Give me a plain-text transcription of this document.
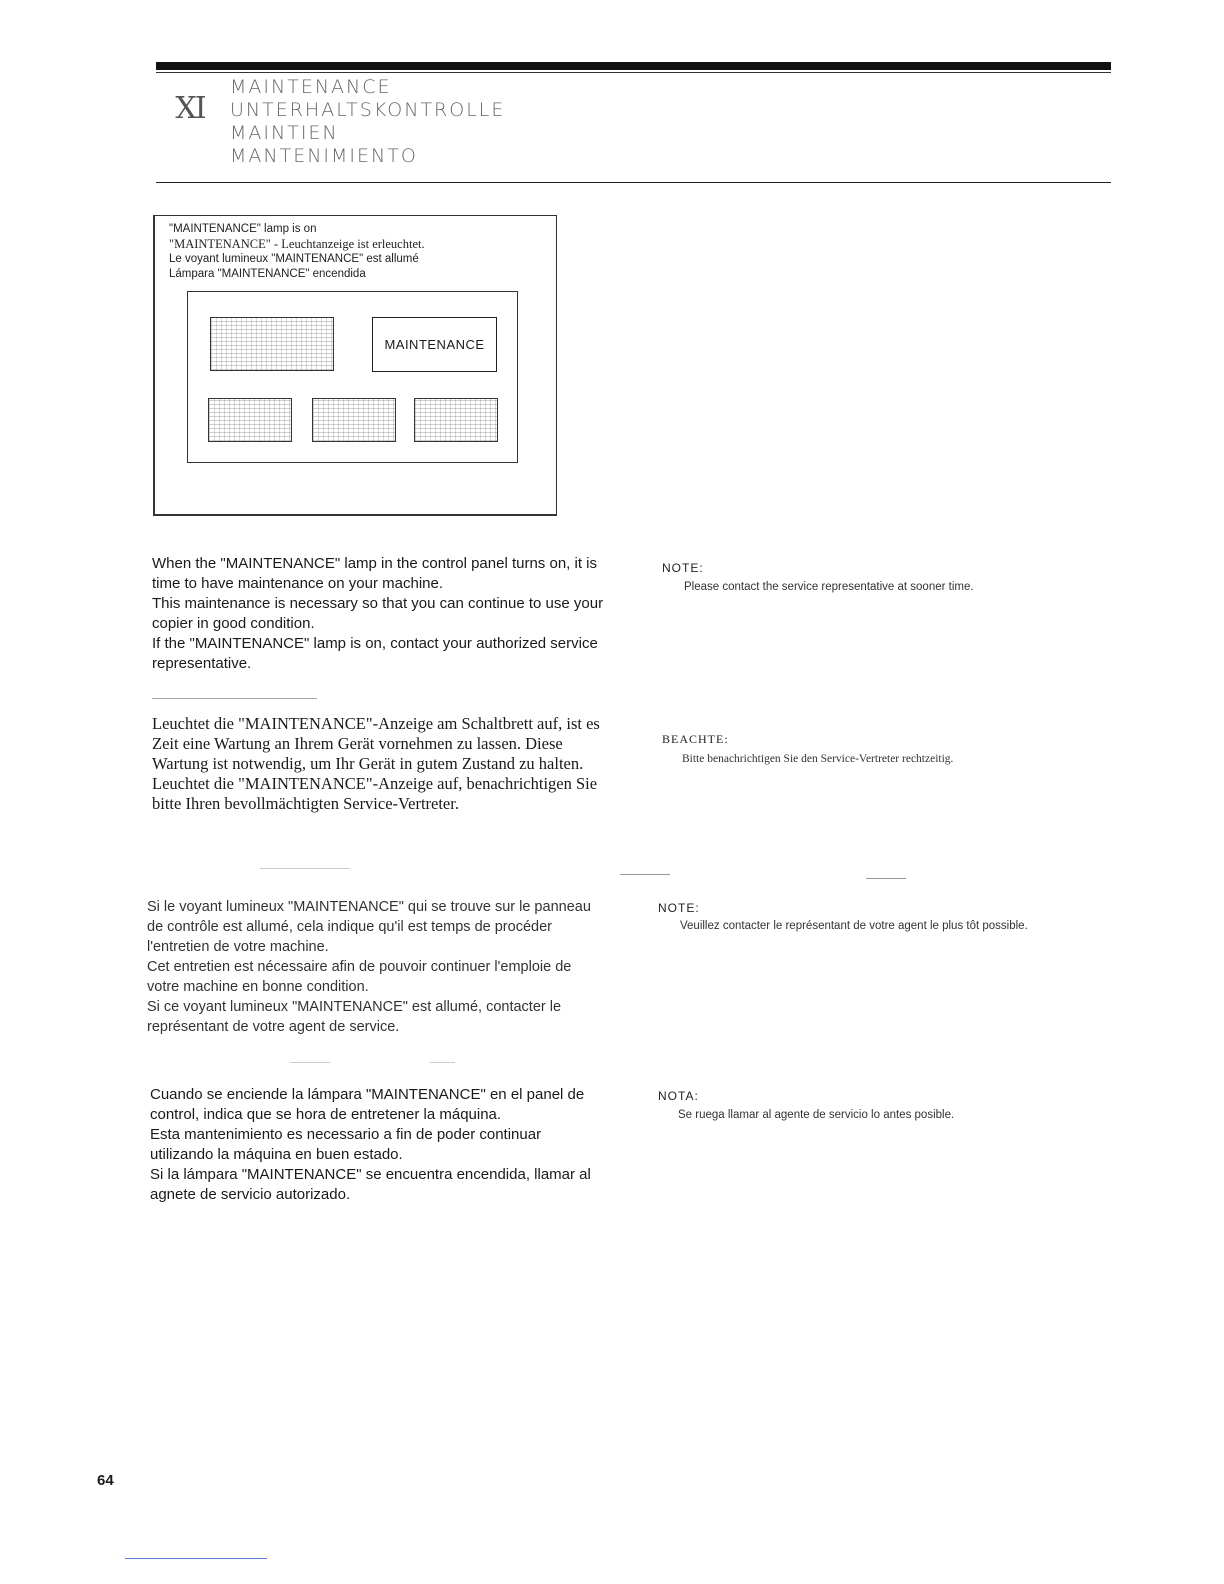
XI
MAINTENANCE
UNTERHALTSKONTROLLE
MAINTIEN
MANTENIMIENTO
"MAINTENANCE" lamp is on
"MAINTENANCE" - Leuchtanzeige ist erleuchtet.
Le voyant lumineux "MAINTENANCE" est allumé
Lámpara "MAINTENANCE" encendida
MAINTENANCE
When the "MAINTENANCE" lamp in the control panel turns on, it is time to have maintenance on your machine.
This maintenance is necessary so that you can continue to use your copier in good condition.
If the "MAINTENANCE" lamp is on, contact your authorized service representative.
NOTE:
Please contact the service representative at sooner time.
Leuchtet die "MAINTENANCE"-Anzeige am Schaltbrett auf, ist es Zeit eine Wartung an Ihrem Gerät vornehmen zu lassen. Diese Wartung ist notwendig, um Ihr Gerät in gutem Zustand zu halten.
Leuchtet die "MAINTENANCE"-Anzeige auf, benachrichtigen Sie bitte Ihren bevollmächtigten Service-Vertreter.
BEACHTE:
Bitte benachrichtigen Sie den Service-Vertreter rechtzeitig.
Si le voyant lumineux "MAINTENANCE" qui se trouve sur le panneau de contrôle est allumé, cela indique qu'il est temps de procéder l'entretien de votre machine.
Cet entretien est nécessaire afin de pouvoir continuer l'emploie de votre machine en bonne condition.
Si ce voyant lumineux "MAINTENANCE" est allumé, contacter le représentant de votre agent de service.
NOTE:
Veuillez contacter le représentant de votre agent le plus tôt possible.
Cuando se enciende la lámpara "MAINTENANCE" en el panel de control, indica que se hora de entretener la máquina.
Esta mantenimiento es necessario a fin de poder continuar utilizando la máquina en buen estado.
Si la lámpara "MAINTENANCE" se encuentra encendida, llamar al agnete de servicio autorizado.
NOTA:
Se ruega llamar al agente de servicio lo antes posible.
64
